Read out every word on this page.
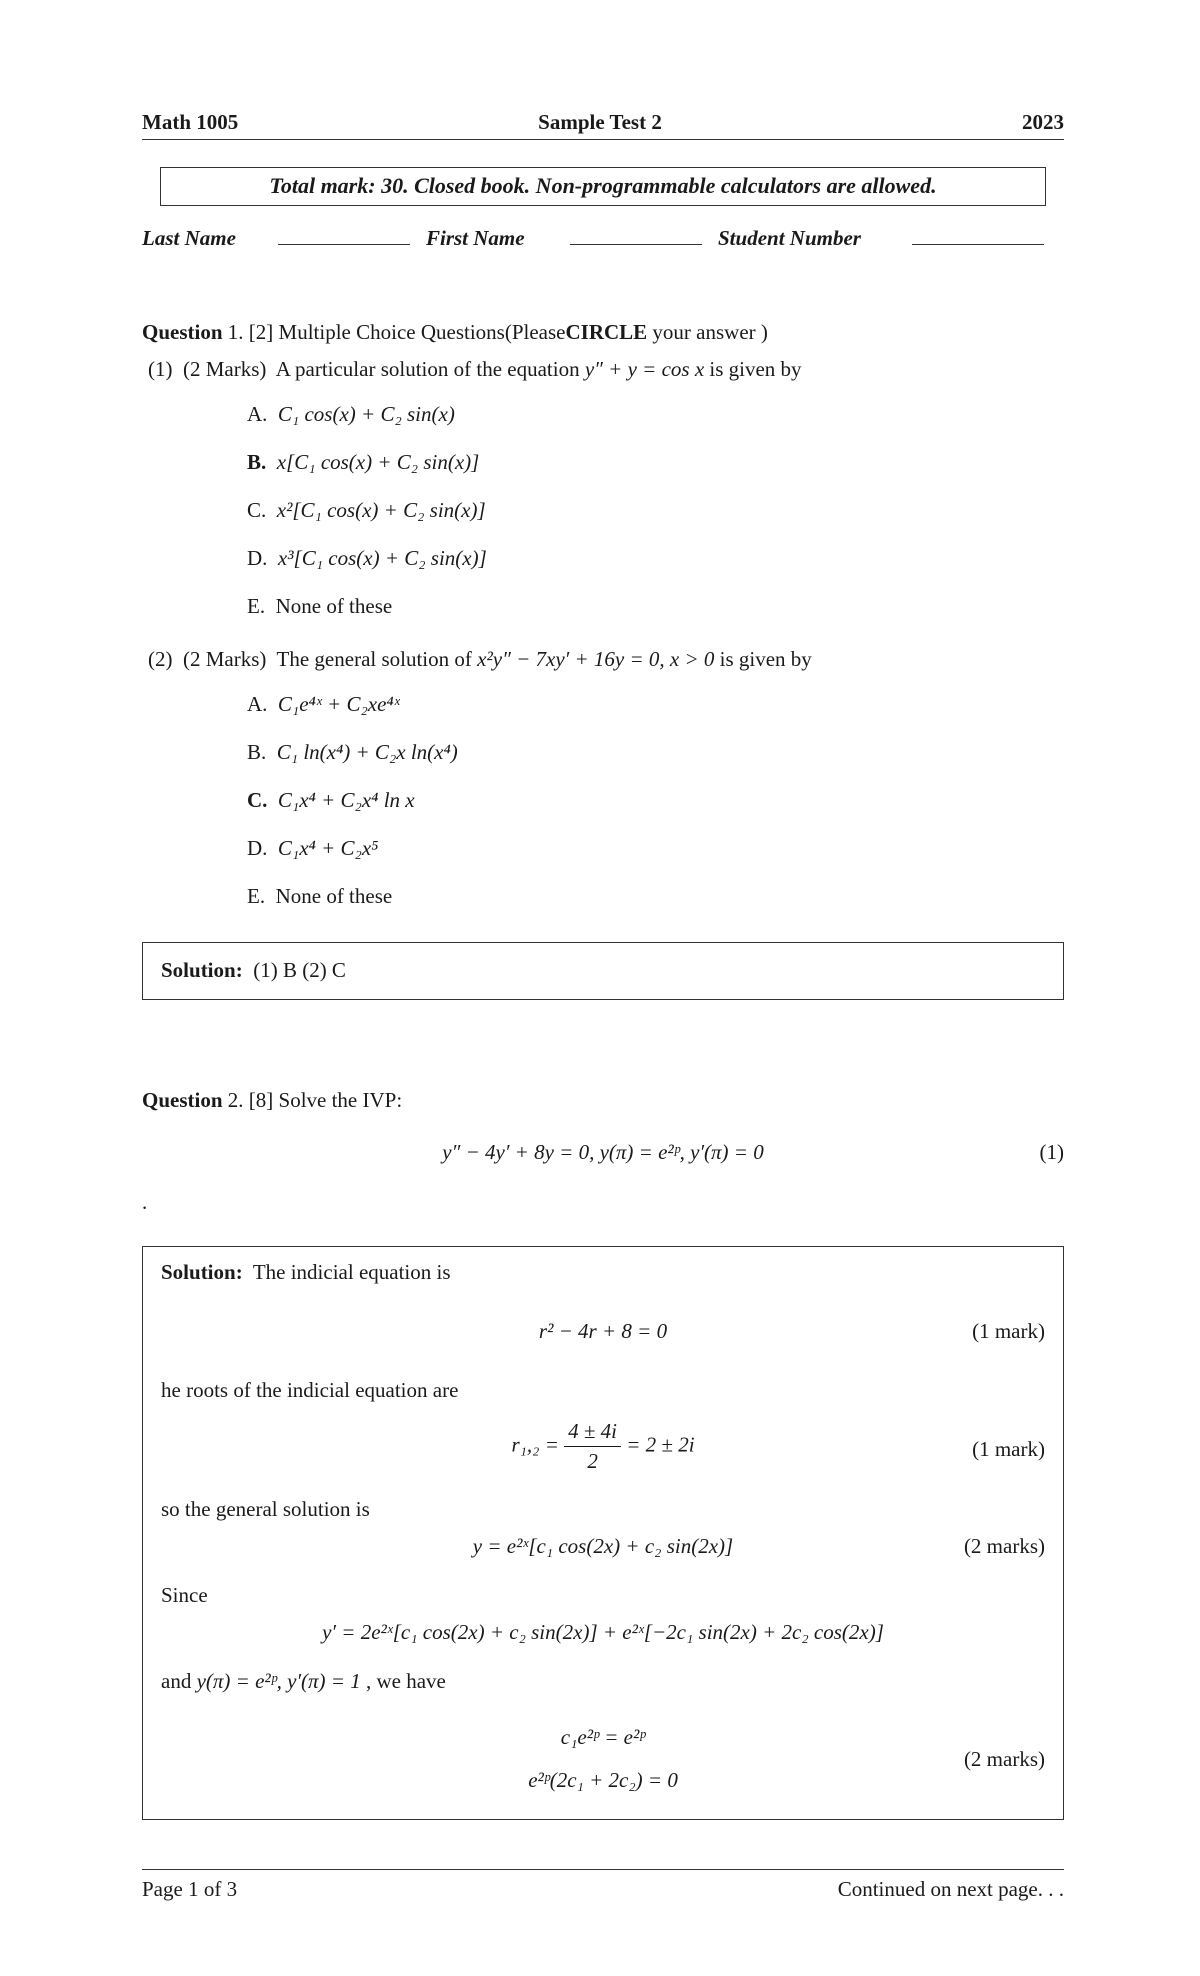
Math 1005	Sample Test 2	2023
Total mark: 30. Closed book. Non-programmable calculators are allowed.
Last Name	First Name	Student Number
Question 1. [2] Multiple Choice Questions(PleaseCIRCLE your answer )
(1) (2 Marks) A particular solution of the equation y″ + y = cos x is given by
A. C₁ cos(x) + C₂ sin(x)
B. x[C₁ cos(x) + C₂ sin(x)]
C. x²[C₁ cos(x) + C₂ sin(x)]
D. x³[C₁ cos(x) + C₂ sin(x)]
E. None of these
(2) (2 Marks) The general solution of x²y″ − 7xy′ + 16y = 0, x > 0 is given by
A. C₁e⁴ˣ + C₂xe⁴ˣ
B. C₁ ln(x⁴) + C₂x ln(x⁴)
C. C₁x⁴ + C₂x⁴ ln x
D. C₁x⁴ + C₂x⁵
E. None of these
Solution: (1) B (2) C
Question 2. [8] Solve the IVP:
y″ − 4y′ + 8y = 0, y(π) = e²ᵖ, y′(π) = 0	(1)
.
Solution: The indicial equation is
r² − 4r + 8 = 0	(1 mark)
he roots of the indicial equation are
$r_1,_2 = \frac{4 \pm 4i}{2} = 2 \pm 2i$	(1 mark)
so the general solution is
y = e²ˣ[c₁ cos(2x) + c₂ sin(2x)]	(2 marks)
Since
y′ = 2e²ˣ[c₁ cos(2x) + c₂ sin(2x)] + e²ˣ[−2c₁ sin(2x) + 2c₂ cos(2x)]
and y(π) = e²ᵖ, y′(π) = 1 , we have
c₁e²ᵖ = e²ᵖ
e²ᵖ(2c₁ + 2c₂) = 0
(2 marks)
Page 1 of 3	Continued on next page. . .
